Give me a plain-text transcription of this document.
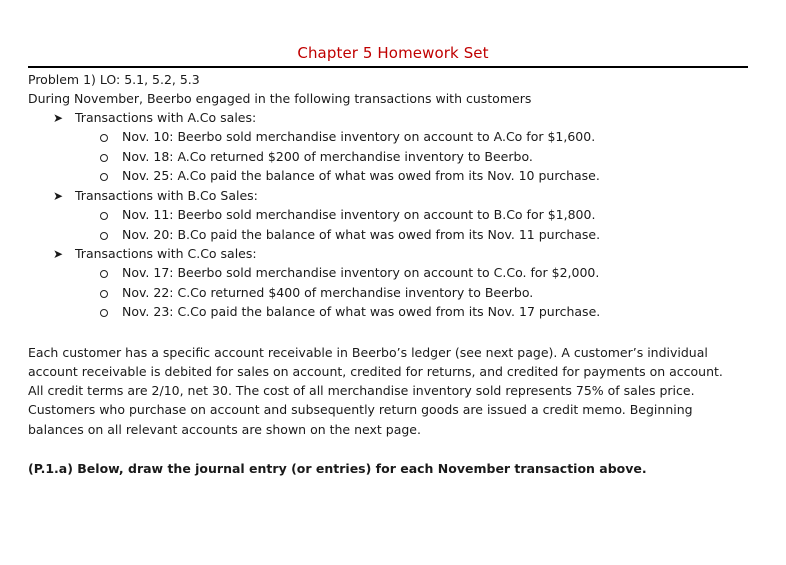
Chapter 5 Homework Set
Problem 1) LO: 5.1, 5.2, 5.3
During November, Beerbo engaged in the following transactions with customers
➤ Transactions with A.Co sales:
Nov. 10: Beerbo sold merchandise inventory on account to A.Co for $1,600.
Nov. 18: A.Co returned $200 of merchandise inventory to Beerbo.
Nov. 25: A.Co paid the balance of what was owed from its Nov. 10 purchase.
➤ Transactions with B.Co Sales:
Nov. 11: Beerbo sold merchandise inventory on account to B.Co for $1,800.
Nov. 20: B.Co paid the balance of what was owed from its Nov. 11 purchase.
➤ Transactions with C.Co sales:
Nov. 17: Beerbo sold merchandise inventory on account to C.Co. for $2,000.
Nov. 22: C.Co returned $400 of merchandise inventory to Beerbo.
Nov. 23: C.Co paid the balance of what was owed from its Nov. 17 purchase.
Each customer has a specific account receivable in Beerbo’s ledger (see next page). A customer’s individual
account receivable is debited for sales on account, credited for returns, and credited for payments on account.
All credit terms are 2/10, net 30. The cost of all merchandise inventory sold represents 75% of sales price.
Customers who purchase on account and subsequently return goods are issued a credit memo. Beginning
balances on all relevant accounts are shown on the next page.
(P.1.a) Below, draw the journal entry (or entries) for each November transaction above.
